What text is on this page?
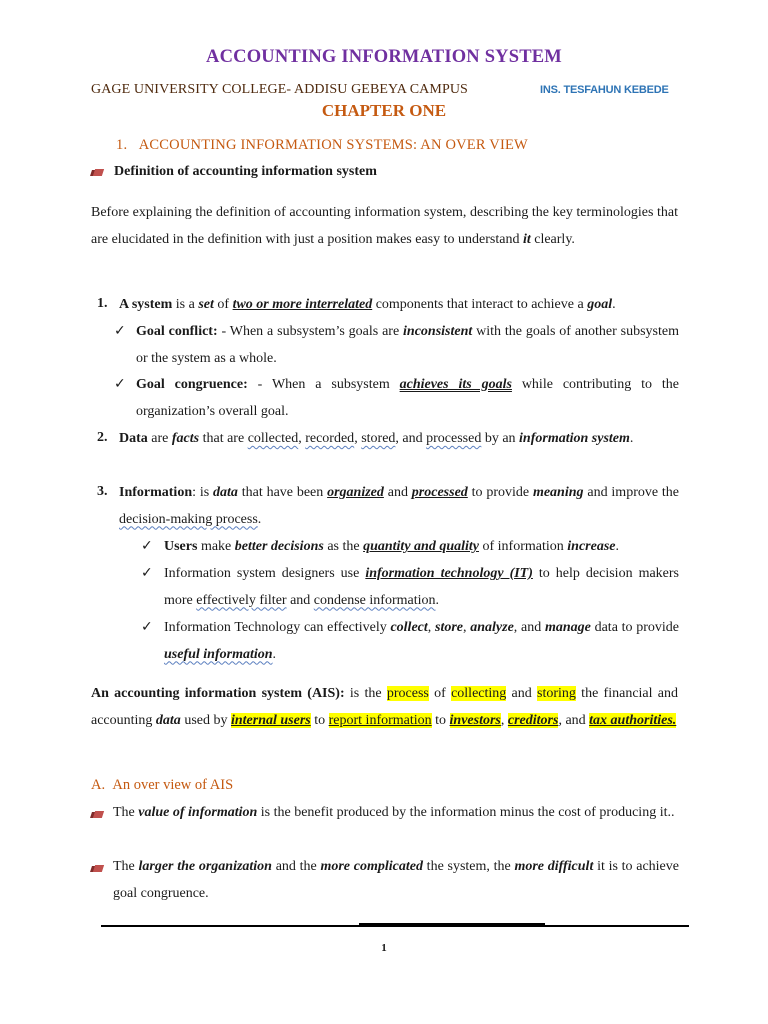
ACCOUNTING INFORMATION SYSTEM
GAGE UNIVERSITY COLLEGE- ADDISU GEBEYA CAMPUS	INS. TESFAHUN KEBEDE
CHAPTER ONE
1. ACCOUNTING INFORMATION SYSTEMS: AN OVER VIEW
Definition of accounting information system
Before explaining the definition of accounting information system, describing the key terminologies that are elucidated in the definition with just a position makes easy to understand it clearly.
1. A system is a set of two or more interrelated components that interact to achieve a goal.
✓ Goal conflict: - When a subsystem’s goals are inconsistent with the goals of another subsystem or the system as a whole.
✓ Goal congruence: - When a subsystem achieves its goals while contributing to the organization’s overall goal.
2. Data are facts that are collected, recorded, stored, and processed by an information system.
3. Information: is data that have been organized and processed to provide meaning and improve the decision-making process.
✓ Users make better decisions as the quantity and quality of information increase.
✓ Information system designers use information technology (IT) to help decision makers more effectively filter and condense information.
✓ Information Technology can effectively collect, store, analyze, and manage data to provide useful information.
An accounting information system (AIS): is the process of collecting and storing the financial and accounting data used by internal users to report information to investors, creditors, and tax authorities.
A. An over view of AIS
The value of information is the benefit produced by the information minus the cost of producing it..
The larger the organization and the more complicated the system, the more difficult it is to achieve goal congruence.
1
